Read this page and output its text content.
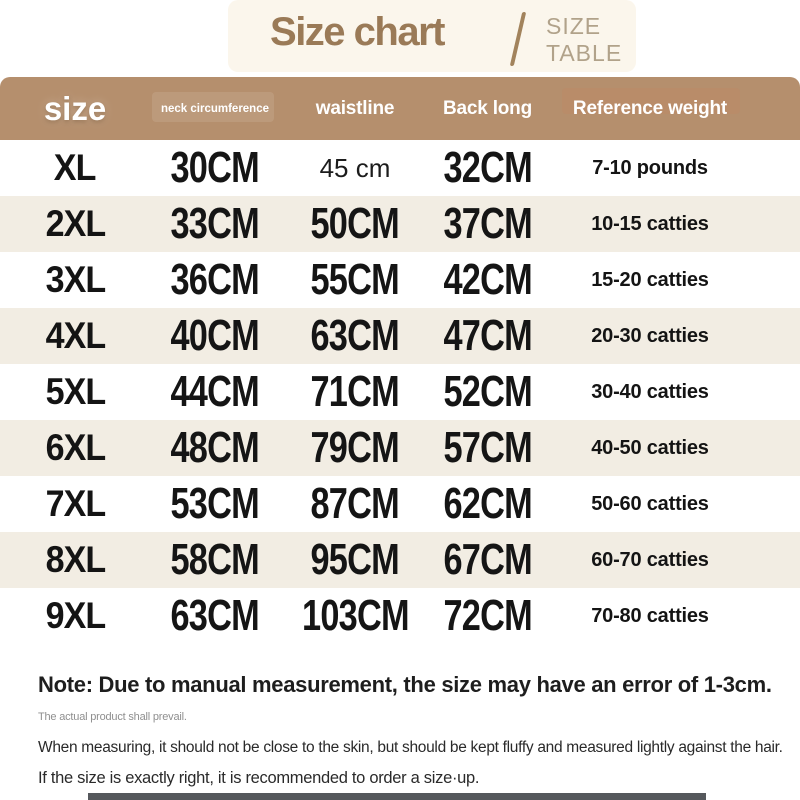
Size chart	SIZE
TABLE
size	neck circumference	waistline	Back long	Reference weight
XL	30CM	45 cm	32CM	7-10 pounds
2XL	33CM	50CM	37CM	10-15 catties
3XL	36CM	55CM	42CM	15-20 catties
4XL	40CM	63CM	47CM	20-30 catties
5XL	44CM	71CM	52CM	30-40 catties
6XL	48CM	79CM	57CM	40-50 catties
7XL	53CM	87CM	62CM	50-60 catties
8XL	58CM	95CM	67CM	60-70 catties
9XL	63CM 103CM 72CM	70-80 catties
Note: Due to manual measurement, the size may have an error of 1-3cm.
The actual product shall prevail.
When measuring, it should not be close to the skin, but should be kept fluffy and measured lightly against the hair.
If the size is exactly right, it is recommended to order a size·up.
